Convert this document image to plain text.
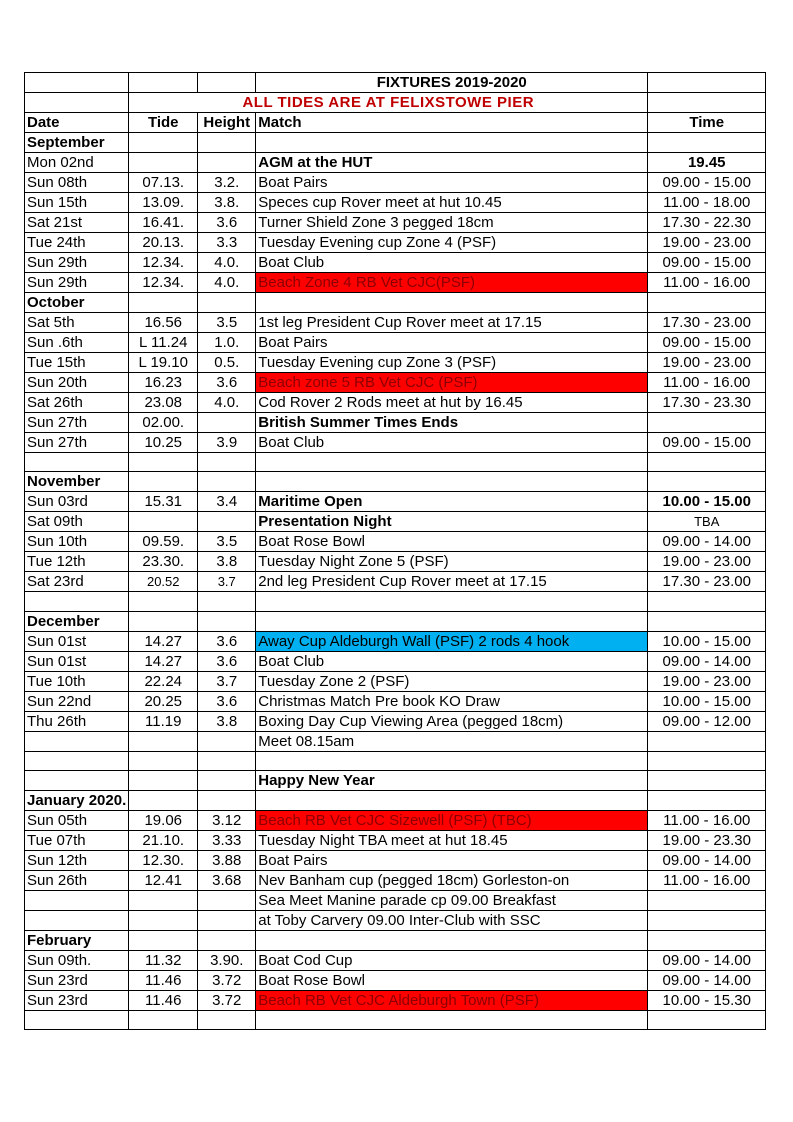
			FIXTURES 2019-2020	
	ALL TIDES ARE AT FELIXSTOWE PIER			
Date	Tide	Height	Match	Time
September				
Mon 02nd			AGM at the HUT	19.45
Sun 08th	07.13.	3.2.	Boat Pairs	09.00 - 15.00
Sun 15th	13.09.	3.8.	Speces cup Rover meet at hut 10.45	11.00 - 18.00
Sat 21st	16.41.	3.6	Turner Shield Zone 3 pegged 18cm	17.30 - 22.30
Tue 24th	20.13.	3.3	Tuesday Evening cup Zone 4 (PSF)	19.00 - 23.00
Sun 29th	12.34.	4.0.	Boat Club	09.00 - 15.00
Sun 29th	12.34.	4.0.	Beach Zone 4 RB Vet CJC(PSF)	11.00 - 16.00
October				
Sat 5th	16.56	3.5	1st leg President Cup Rover meet at 17.15	17.30 - 23.00
Sun .6th	L 11.24	1.0.	Boat Pairs	09.00 - 15.00
Tue 15th	L 19.10	0.5.	Tuesday Evening cup Zone 3 (PSF)	19.00 - 23.00
Sun 20th	16.23	3.6	Beach zone 5 RB Vet CJC (PSF)	11.00 - 16.00
Sat 26th	23.08	4.0.	Cod Rover 2 Rods meet at hut by 16.45	17.30 - 23.30
Sun 27th	02.00.		British Summer Times Ends	
Sun 27th	10.25	3.9	Boat Club	09.00 - 15.00

November				
Sun 03rd	15.31	3.4	Maritime Open	10.00 - 15.00
Sat 09th			Presentation Night	TBA
Sun 10th	09.59.	3.5	Boat Rose Bowl	09.00 - 14.00
Tue 12th	23.30.	3.8	Tuesday Night Zone 5 (PSF)	19.00 - 23.00
Sat 23rd	20.52	3.7	2nd leg President Cup Rover meet at 17.15	17.30 - 23.00

December				
Sun 01st	14.27	3.6	Away Cup Aldeburgh Wall (PSF) 2 rods 4 hook	10.00 - 15.00
Sun 01st	14.27	3.6	Boat Club	09.00 - 14.00
Tue 10th	22.24	3.7	Tuesday Zone 2 (PSF)	19.00 - 23.00
Sun 22nd	20.25	3.6	Christmas Match Pre book KO Draw	10.00 - 15.00
Thu 26th	11.19	3.8	Boxing Day Cup Viewing Area (pegged 18cm)	09.00 - 12.00
			Meet 08.15am	

			Happy New Year	
January 2020.				
Sun 05th	19.06	3.12	Beach RB Vet CJC Sizewell (PSF) (TBC)	11.00 - 16.00
Tue 07th	21.10.	3.33	Tuesday Night TBA meet at hut 18.45	19.00 - 23.30
Sun 12th	12.30.	3.88	Boat Pairs	09.00 - 14.00
Sun 26th	12.41	3.68	Nev Banham cup (pegged 18cm) Gorleston-on	11.00 - 16.00
			Sea Meet Manine parade cp 09.00 Breakfast	
			at Toby Carvery 09.00 Inter-Club with SSC	
February				
Sun 09th.	11.32	3.90.	Boat Cod Cup	09.00 - 14.00
Sun 23rd	11.46	3.72	Boat Rose Bowl	09.00 - 14.00
Sun 23rd	11.46	3.72	Beach RB Vet CJC Aldeburgh Town (PSF)	10.00 - 15.30
